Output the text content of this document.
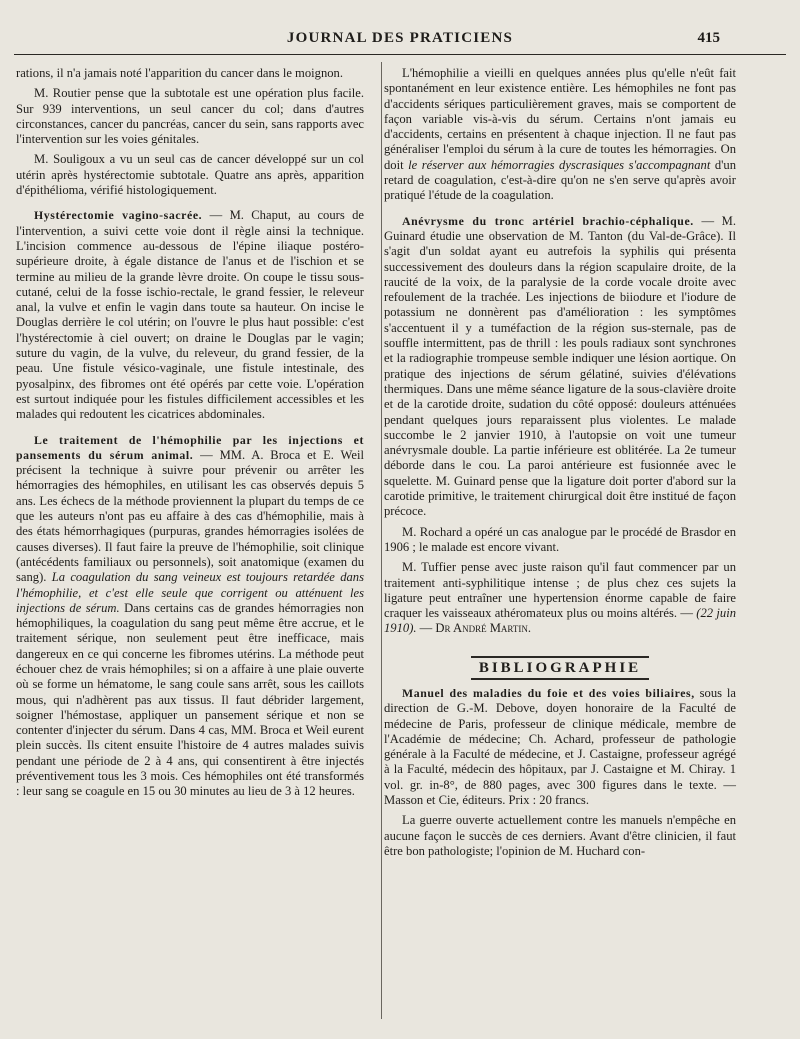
JOURNAL DES PRATICIENS	415

rations, il n'a jamais noté l'apparition du cancer dans le moignon.

M. Routier pense que la subtotale est une opération plus facile. Sur 939 interventions, un seul cancer du col; dans d'autres circonstances, cancer du pancréas, cancer du sein, sans rapports avec l'intervention sur les voies génitales.

M. Souligoux a vu un seul cas de cancer développé sur un col utérin après hystérectomie subtotale. Quatre ans après, apparition d'épithélioma, vérifié histologiquement.

Hystérectomie vagino-sacrée. — M. Chaput, au cours de l'intervention, a suivi cette voie dont il règle ainsi la technique. L'incision commence au-dessous de l'épine iliaque postéro-supérieure droite, à égale distance de l'anus et de l'ischion et se termine au milieu de la grande lèvre droite. On coupe le tissu sous-cutané, celui de la fosse ischio-rectale, le grand fessier, le releveur anal, la vulve et enfin le vagin dans toute sa hauteur. On incise le Douglas derrière le col utérin; on l'ouvre le plus haut possible: c'est l'hystérectomie à ciel ouvert; on draine le Douglas par le vagin; suture du vagin, de la vulve, du releveur, du grand fessier, de la peau. Une fistule vésico-vaginale, une fistule intestinale, des pyosalpinx, des fibromes ont été opérés par cette voie. L'opération est surtout indiquée pour les fistules difficilement accessibles et les malades qui redoutent les cicatrices abdominales.

Le traitement de l'hémophilie par les injections et pansements du sérum animal. — MM. A. Broca et E. Weil précisent la technique à suivre pour prévenir ou arrêter les hémorragies des hémophiles, en utilisant les cas observés depuis 5 ans. Les échecs de la méthode proviennent la plupart du temps de ce que les auteurs n'ont pas eu affaire à des cas d'hémophilie, mais à des états hémorrhagiques (purpuras, grandes hémorragies isolées de causes diverses). Il faut faire la preuve de l'hémophilie, soit clinique (antécédents familiaux ou personnels), soit anatomique (examen du sang). La coagulation du sang veineux est toujours retardée dans l'hémophilie, et c'est elle seule que corrigent ou atténuent les injections de sérum. Dans certains cas de grandes hémorragies non hémophiliques, la coagulation du sang peut même être accrue, et le traitement sérique, non seulement peut être inefficace, mais dangereux en ce qui concerne les fibromes utérins. La méthode peut échouer chez de vrais hémophiles; si on a affaire à une plaie ouverte où se forme un hématome, le sang coule sans arrêt, sous les caillots mous, qui n'adhèrent pas aux tissus. Il faut débrider largement, soigner l'hémostase, appliquer un pansement sérique et non se contenter d'injecter du sérum. Dans 4 cas, MM. Broca et Weil eurent plein succès. Ils citent ensuite l'histoire de 4 autres malades suivis pendant une période de 2 à 4 ans, qui consentirent à être injectés préventivement tous les 3 mois. Ces hémophiles ont été transformés : leur sang se coagule en 15 ou 30 minutes au lieu de 3 à 12 heures.

L'hémophilie a vieilli en quelques années plus qu'elle n'eût fait spontanément en leur existence entière. Les hémophiles ne font pas d'accidents sériques particulièrement graves, mais se comportent de façon variable vis-à-vis du sérum. Certains n'ont jamais eu d'accidents, certains en présentent à chaque injection. Il ne faut pas généraliser l'emploi du sérum à la cure de toutes les hémorragies. On doit le réserver aux hémorragies dyscrasiques s'accompagnant d'un retard de coagulation, c'est-à-dire qu'on ne s'en serve qu'après avoir pratiqué l'étude de la coagulation.

Anévrysme du tronc artériel brachio-céphalique. — M. Guinard étudie une observation de M. Tanton (du Val-de-Grâce). Il s'agit d'un soldat ayant eu autrefois la syphilis qui présenta successivement des douleurs dans la région scapulaire droite, de la raucité de la voix, de la paralysie de la corde vocale droite avec refoulement de la trachée. Les injections de biiodure et l'iodure de potassium ne donnèrent pas d'amélioration : les symptômes s'accentuent il y a tuméfaction de la région sus-sternale, pas de souffle intermittent, pas de thrill : les pouls radiaux sont synchrones et la radiographie trompeuse semble indiquer une lésion aortique. On pratique des injections de sérum gélatiné, suivies d'élévations thermiques. Dans une même séance ligature de la sous-clavière droite et de la carotide droite, sudation du côté opposé: douleurs atténuées pendant quelques jours reparaissent plus violentes. Le malade succombe le 2 janvier 1910, à l'autopsie on voit une tumeur anévrysmale double. La partie inférieure est oblitérée. La 2e tumeur déborde dans le cou. La paroi antérieure est fusionnée avec le squelette. M. Guinard pense que la ligature doit porter d'abord sur la carotide primitive, le traitement chirurgical doit être institué de façon précoce.

M. Rochard a opéré un cas analogue par le procédé de Brasdor en 1906 ; le malade est encore vivant.

M. Tuffier pense avec juste raison qu'il faut commencer par un traitement anti-syphilitique intense ; de plus chez ces sujets la ligature peut entraîner une hypertension énorme capable de faire craquer les vaisseaux athéromateux plus ou moins altérés. — (22 juin 1910). — Dr André Martin.

BIBLIOGRAPHIE

Manuel des maladies du foie et des voies biliaires, sous la direction de G.-M. Debove, doyen honoraire de la Faculté de médecine de Paris, professeur de clinique médicale, membre de l'Académie de médecine; Ch. Achard, professeur de pathologie générale à la Faculté de médecine, et J. Castaigne, professeur agrégé à la Faculté, médecin des hôpitaux, par J. Castaigne et M. Chiray. 1 vol. gr. in-8°, de 880 pages, avec 300 figures dans le texte. — Masson et Cie, éditeurs. Prix : 20 francs.

La guerre ouverte actuellement contre les manuels n'empêche en aucune façon le succès de ces derniers. Avant d'être clinicien, il faut être bon pathologiste; l'opinion de M. Huchard con-
